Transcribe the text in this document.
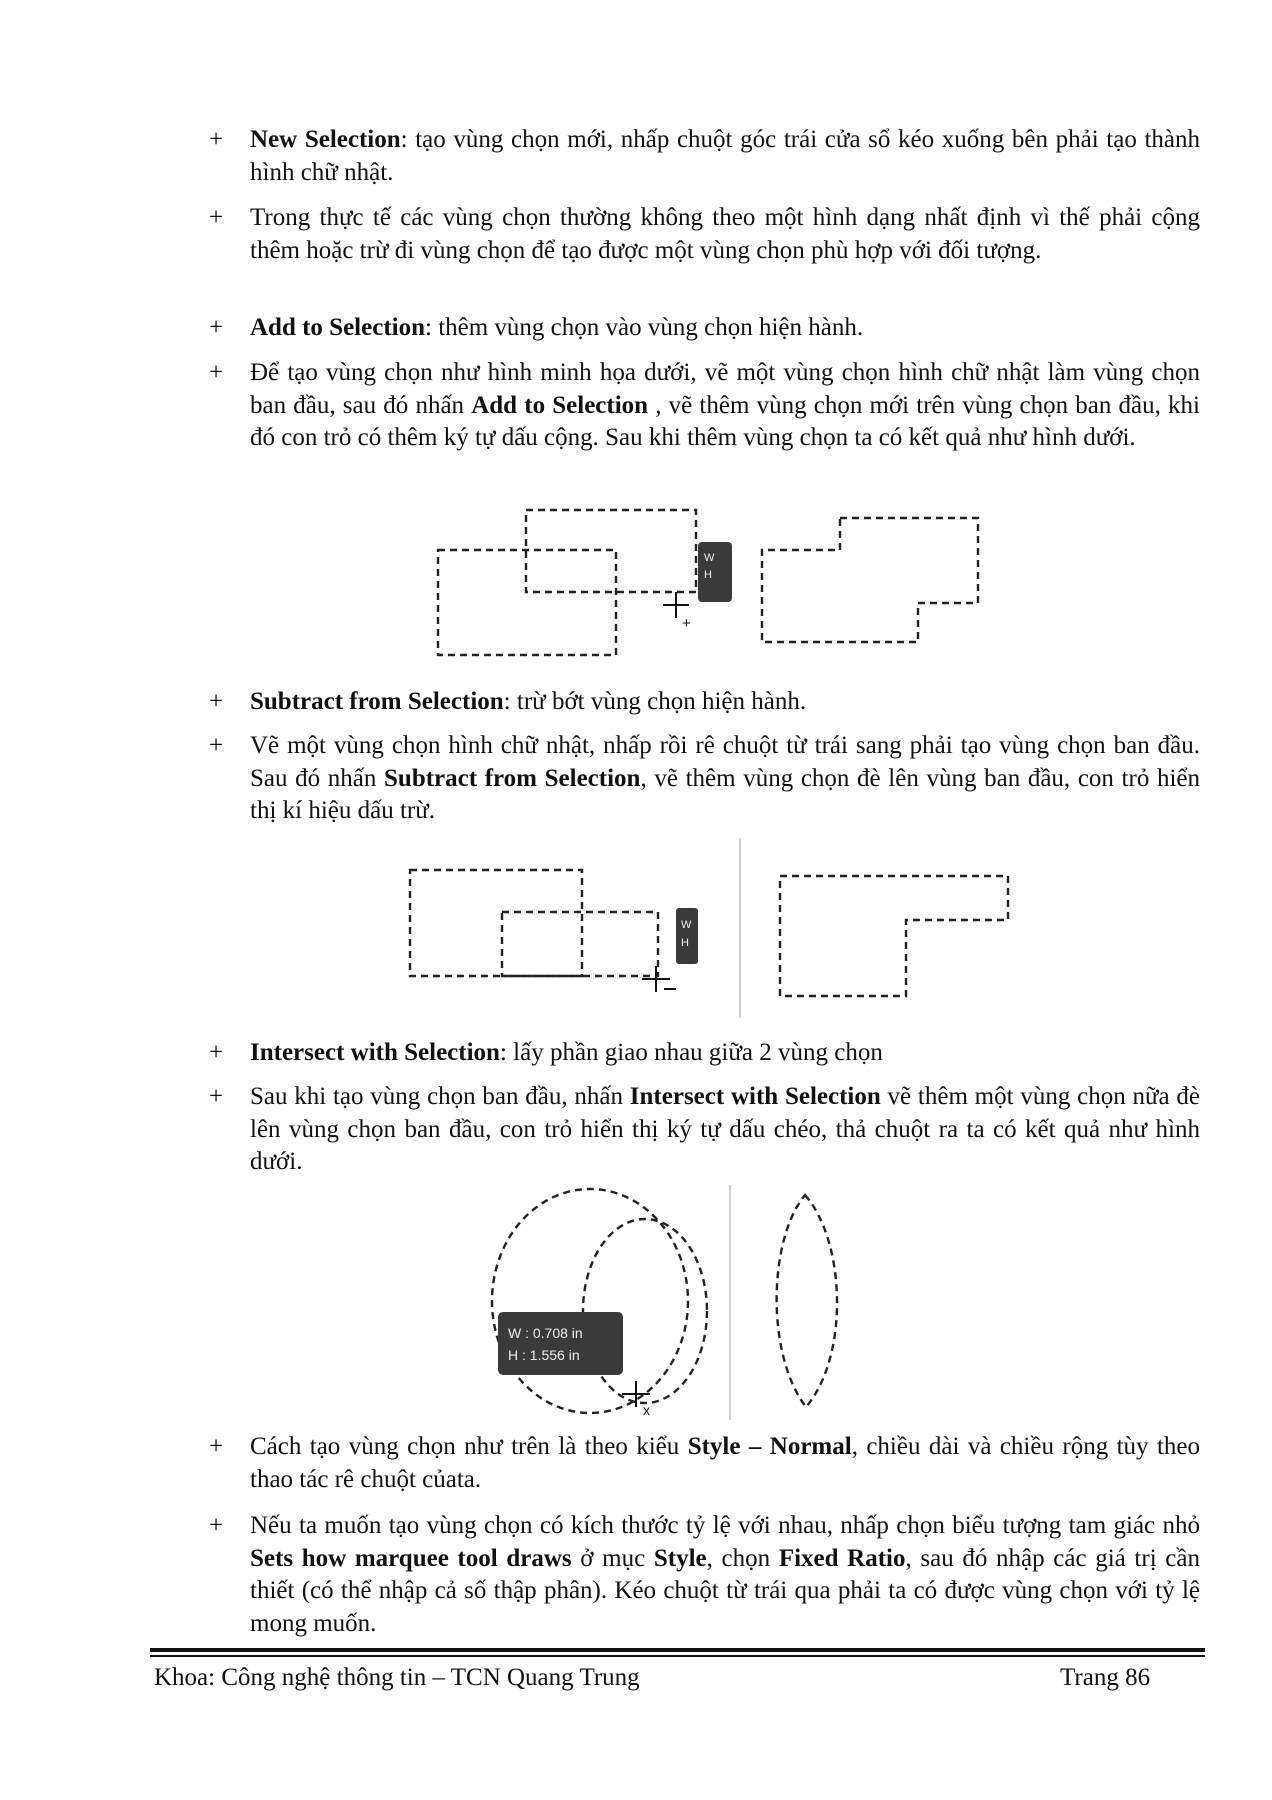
+ New Selection: tạo vùng chọn mới, nhấp chuột góc trái cửa sổ kéo xuống bên phải tạo thành hình chữ nhật.
+ Trong thực tế các vùng chọn thường không theo một hình dạng nhất định vì thế phải cộng thêm hoặc trừ đi vùng chọn để tạo được một vùng chọn phù hợp với đối tượng.
+ Add to Selection: thêm vùng chọn vào vùng chọn hiện hành.
+ Để tạo vùng chọn như hình minh họa dưới, vẽ một vùng chọn hình chữ nhật làm vùng chọn ban đầu, sau đó nhấn Add to Selection , vẽ thêm vùng chọn mới trên vùng chọn ban đầu, khi đó con trỏ có thêm ký tự dấu cộng. Sau khi thêm vùng chọn ta có kết quả như hình dưới.
+
W
H
+ Subtract from Selection: trừ bớt vùng chọn hiện hành.
+ Vẽ một vùng chọn hình chữ nhật, nhấp rồi rê chuột từ trái sang phải tạo vùng chọn ban đầu. Sau đó nhấn Subtract from Selection, vẽ thêm vùng chọn đè lên vùng ban đầu, con trỏ hiển thị kí hiệu dấu trừ.
W
H
+ Intersect with Selection: lấy phần giao nhau giữa 2 vùng chọn
+ Sau khi tạo vùng chọn ban đầu, nhấn Intersect with Selection vẽ thêm một vùng chọn nữa đè lên vùng chọn ban đầu, con trỏ hiển thị ký tự dấu chéo, thả chuột ra ta có kết quả như hình dưới.
W : 0.708 in
H : 1.556 in
x
+ Cách tạo vùng chọn như trên là theo kiểu Style – Normal, chiều dài và chiều rộng tùy theo thao tác rê chuột củata.
+ Nếu ta muốn tạo vùng chọn có kích thước tỷ lệ với nhau, nhấp chọn biểu tượng tam giác nhỏ Sets how marquee tool draws ở mục Style, chọn Fixed Ratio, sau đó nhập các giá trị cần thiết (có thể nhập cả số thập phân). Kéo chuột từ trái qua phải ta có được vùng chọn với tỷ lệ mong muốn.
Khoa: Công nghệ thông tin – TCN Quang Trung	Trang 86
